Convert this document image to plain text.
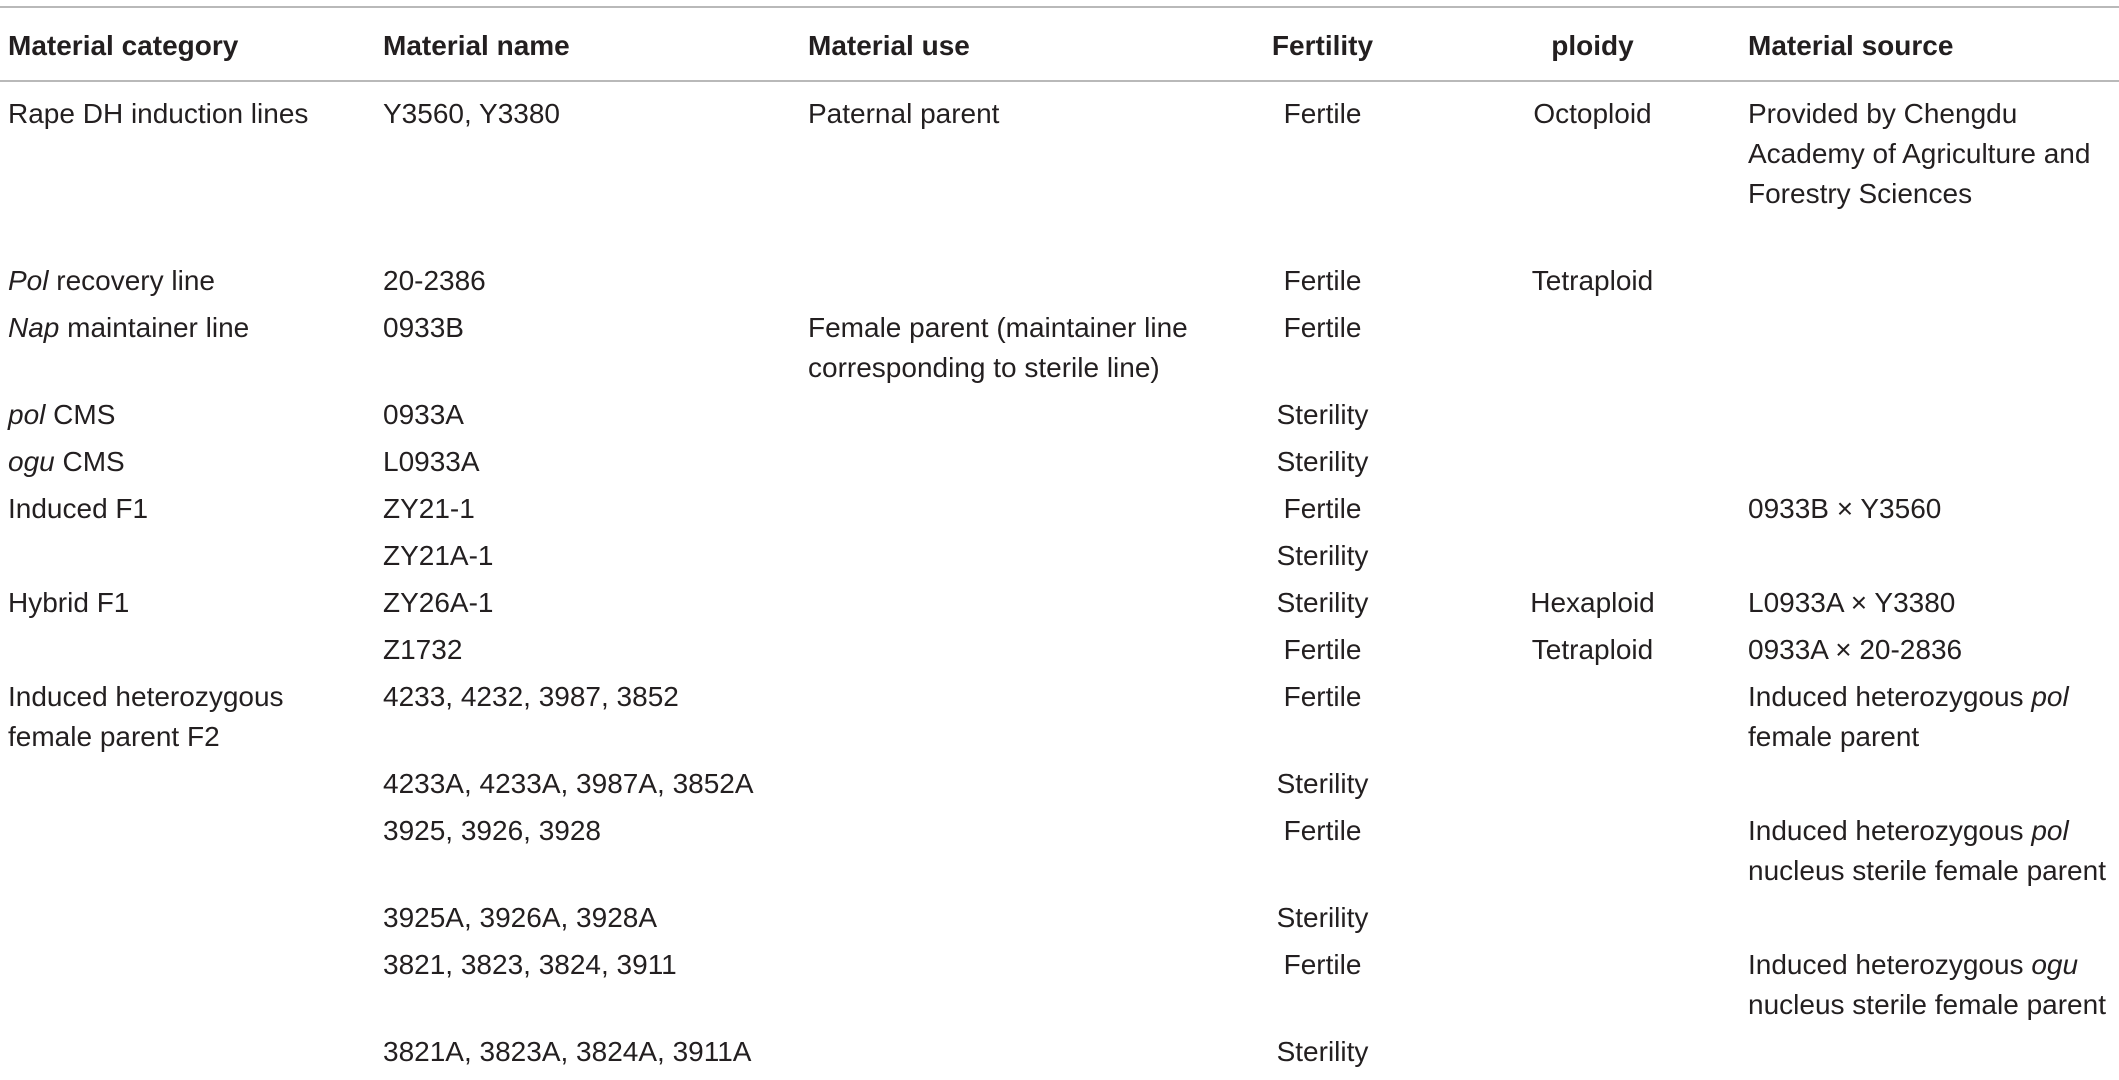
Material category	Material name	Material use	Fertility	ploidy	Material source
Rape DH induction lines	Y3560, Y3380	Paternal parent	Fertile	Octoploid	Provided by Chengdu Academy of Agriculture and Forestry Sciences

Pol recovery line	20-2386		Fertile	Tetraploid	
Nap maintainer line	0933B	Female parent (maintainer line corresponding to sterile line)	Fertile		
pol CMS	0933A		Sterility		
ogu CMS	L0933A		Sterility		
Induced F1	ZY21-1		Fertile		0933B × Y3560
	ZY21A-1		Sterility		
Hybrid F1	ZY26A-1		Sterility	Hexaploid	L0933A × Y3380
	Z1732		Fertile	Tetraploid	0933A × 20-2836
Induced heterozygous female parent F2	4233, 4232, 3987, 3852		Fertile		Induced heterozygous pol female parent
	4233A, 4233A, 3987A, 3852A		Sterility		
	3925, 3926, 3928		Fertile		Induced heterozygous pol nucleus sterile female parent
	3925A, 3926A, 3928A		Sterility		
	3821, 3823, 3824, 3911		Fertile		Induced heterozygous ogu nucleus sterile female parent
	3821A, 3823A, 3824A, 3911A		Sterility		
